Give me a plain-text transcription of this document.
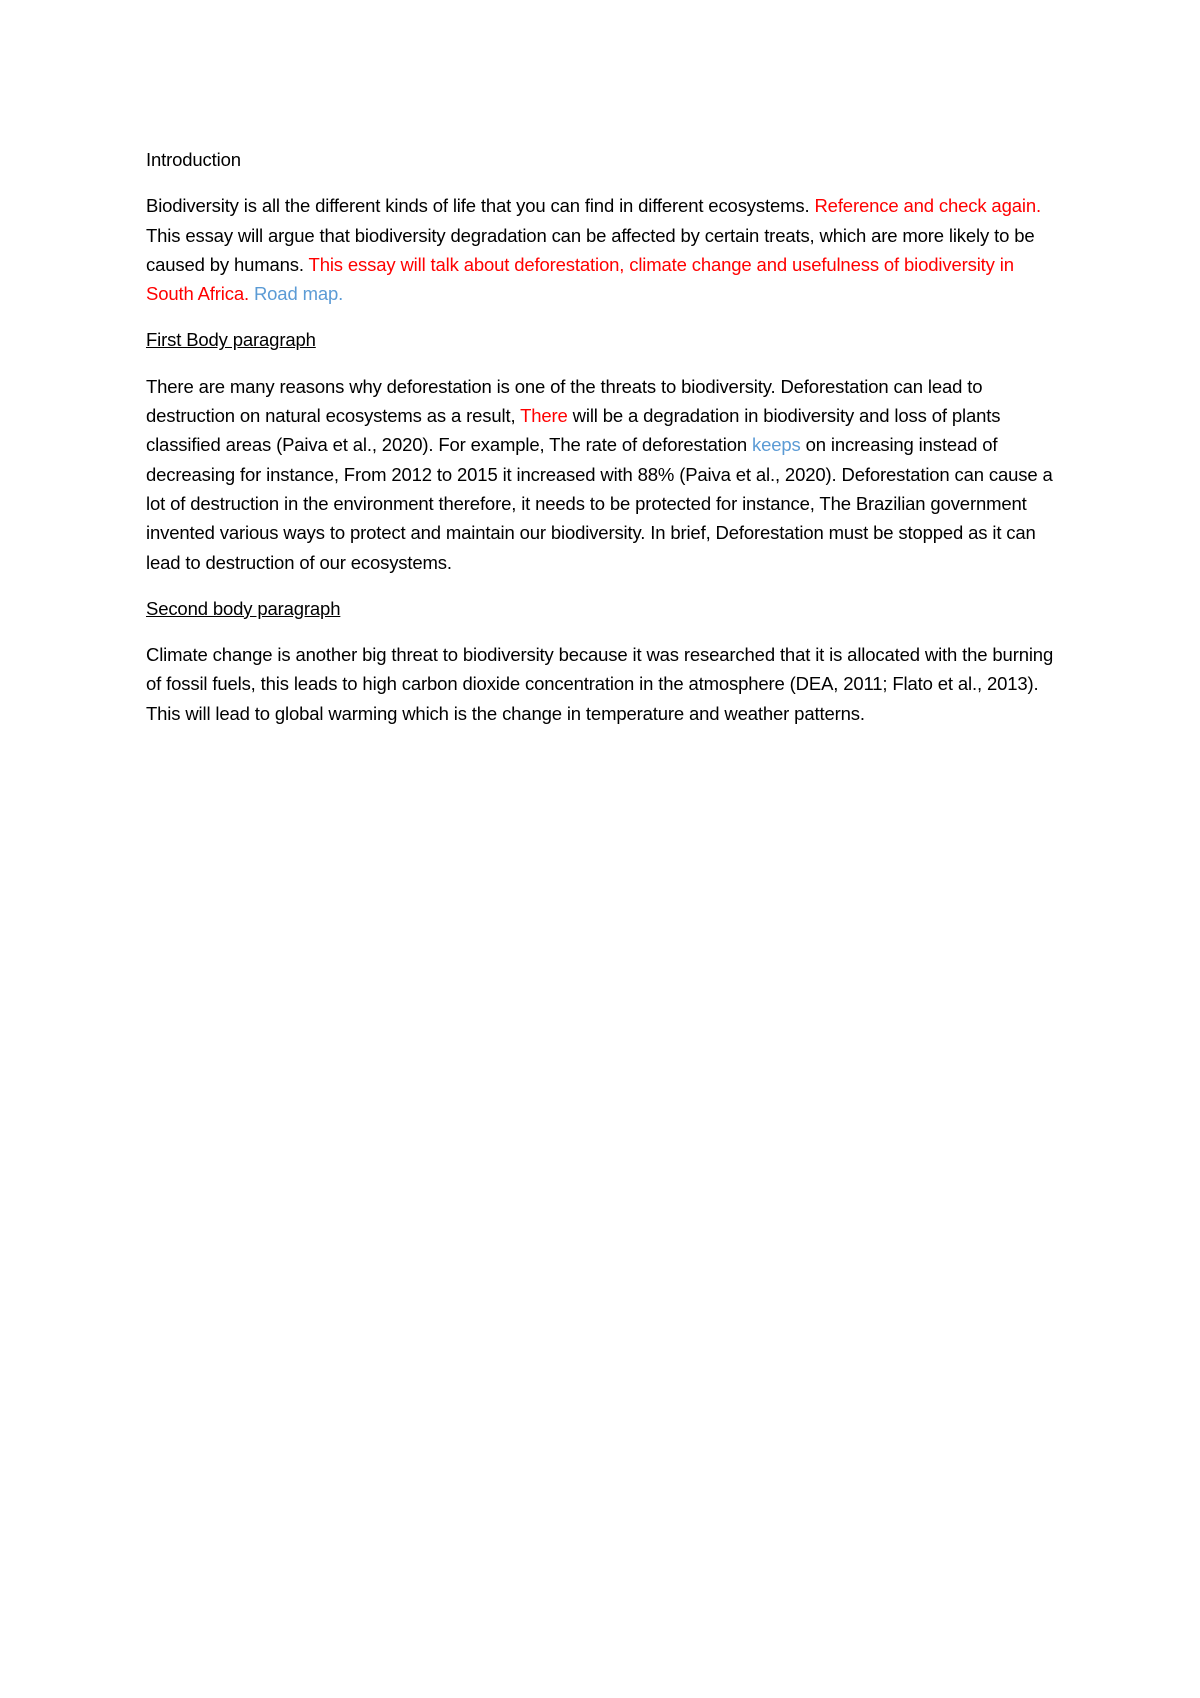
Introduction
Biodiversity is all the different kinds of life that you can find in different ecosystems. Reference and check again. This essay will argue that biodiversity degradation can be affected by certain treats, which are more likely to be caused by humans. This essay will talk about deforestation, climate change and usefulness of biodiversity in South Africa. Road map.
First Body paragraph
There are many reasons why deforestation is one of the threats to biodiversity. Deforestation can lead to destruction on natural ecosystems as a result, There will be a degradation in biodiversity and loss of plants classified areas (Paiva et al., 2020). For example, The rate of deforestation keeps on increasing instead of decreasing for instance, From 2012 to 2015 it increased with 88% (Paiva et al., 2020). Deforestation can cause a lot of destruction in the environment therefore, it needs to be protected for instance, The Brazilian government invented various ways to protect and maintain our biodiversity. In brief, Deforestation must be stopped as it can lead to destruction of our ecosystems.
Second body paragraph
Climate change is another big threat to biodiversity because it was researched that it is allocated with the burning of fossil fuels, this leads to high carbon dioxide concentration in the atmosphere (DEA, 2011; Flato et al., 2013). This will lead to global warming which is the change in temperature and weather patterns.
